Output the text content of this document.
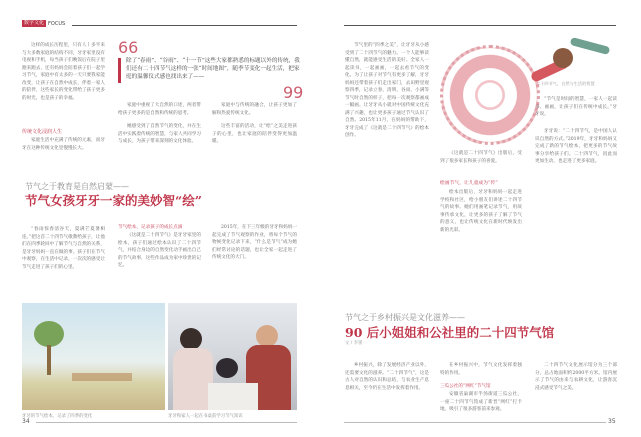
数字文化 FOCUS

这样的成长历程里，只有人丨多半来与大多数家庭的结构不同，牙牙家里没有电视和手机，每当孩子们晚饭后在院子里跑来跑去，还有妈妈会陪着孩子们一起学习节气，家庭中有太多的一天只要我家能改变，让孩子在自然中成长，伴着一家人的陪伴，这些家长的变化带给了孩子更多的时光，也是孩子的幸福。

66
除了“春雨”、“谷雨”、“十一节”这些大家都熟悉的标题以外的传统，我们还有二十四节气这样的一张“时间地图”，随季节变化一起生活，把家庭的温馨仪式感也找出来了——
99

家庭中重视了大自然的口述，两者带给孩子更多的是自然和传统的思考。

家庭中与传统的融合，让孩子更加了解和热爱传统文化。

传统文化浸润人生

家庭生活中充满了传统的元素，而牙牙在这种传统文化里慢慢长大。

她感受到了自然节气的变化，并在生活中实践着传统的智慧，与家人共同学习与成长，为孩子带来深刻的文化体验。

这些丰富的活动，让“绘”之美走进孩子的心里，也让家庭的陪伴变得更加温暖。

节气之于教育是自然启蒙——
节气女孩牙牙一家的美妙智“绘”

“春雨惊春清谷天，夏满芒夏暑相连。”把这首二十四节气歌教给孩子，让他们在四季轮回中了解节气与自然的关系，是牙牙妈妈一直在做的事。孩子们在节气中观察，在生活中记录，一次次的感受让节气走进了孩子们的心里。

节气绘本，记录孩子的成长点滴

《这就是二十四节气》是牙牙家里的绘本，孩子们通过绘本认识了二十四节气，并结合身边的自然变化动手画出自己的节气故事，这些作品成为家中珍贵的记忆。

2015年，在下三年级的牙牙和妈妈一起完成了节气观察的作业，将每个节气的物候变化记录下来，“什么是节气”成为她们经常讨论的话题，也让全家一起走进了传统文化的大门。

牙牙的节气绘本，记录了四季的变化	牙牙和家人一起在书桌前学习节气知识
34

节气里的“四季之美”，让牙牙从小感受到了二十四节气的魅力。一个人能够读懂自然，就能感受生活的美好。全家人一起读书，一起画画，一起去看节气的变化。为了让孩子对节气有更多了解，牙牙妈妈还带着孩子们走出家门，去田野里观察四季，记录立春、清明、谷雨、小满等节气时自然的样子，把每一次观察都画成一幅画。让牙牙从小就对中国传统文化充满了兴趣，也让更多孩子通过节气认识了自然。2015年11月，在妈妈的帮助下，牙牙完成了《这就是二十四节气》的绘本创作。

二十四节气，自然与生活的智慧

《这就是二十四节气》出版后，受到了很多家长和孩子的喜爱。

绘画节气，让儿童成为“传”

绘本出版后，牙牙和妈妈一起走进学校和社区，给小朋友们讲述二十四节气的故事。她们用画笔记录节气，用故事传承文化，让更多的孩子了解了节气的意义，也让传统文化在新时代焕发出新的光彩。

“节气是时间的智慧，一家人一起读书、画画，让孩子们在传统中成长。”牙牙说。

牙牙说：“二十四节气，是中国人认识自然的方式。”2019年，牙牙和妈妈又完成了新的节气绘本，把更多的节气故事分享给孩子们。二十四节气，因此而更加生动，也走进了更多家庭。

节气之于乡村振兴是文化滋养——
90 后小姐姐和公社里的二十四节气馆
文 / 李蕾

乡村振兴，除了发展经济产业以外，还需要文化的滋养。“二十四节气”，这是古人对自然的认识和总结，与农业生产息息相关，至今仍在生活中发挥着作用。

在乡村振兴中，节气文化发挥着独特的作用。

三瓜公社的“网红”节气馆

安徽省巢湖市半汤街道三瓜公社，一座二十四节气馆成了新晋“网红”打卡地，吸引了很多游客前来参观。

二十四节气文化展示馆分为三个部分，总占地面积约2000平方米。馆内展示了节气的由来与农耕文化，让游客沉浸式感受节气之美。

35
